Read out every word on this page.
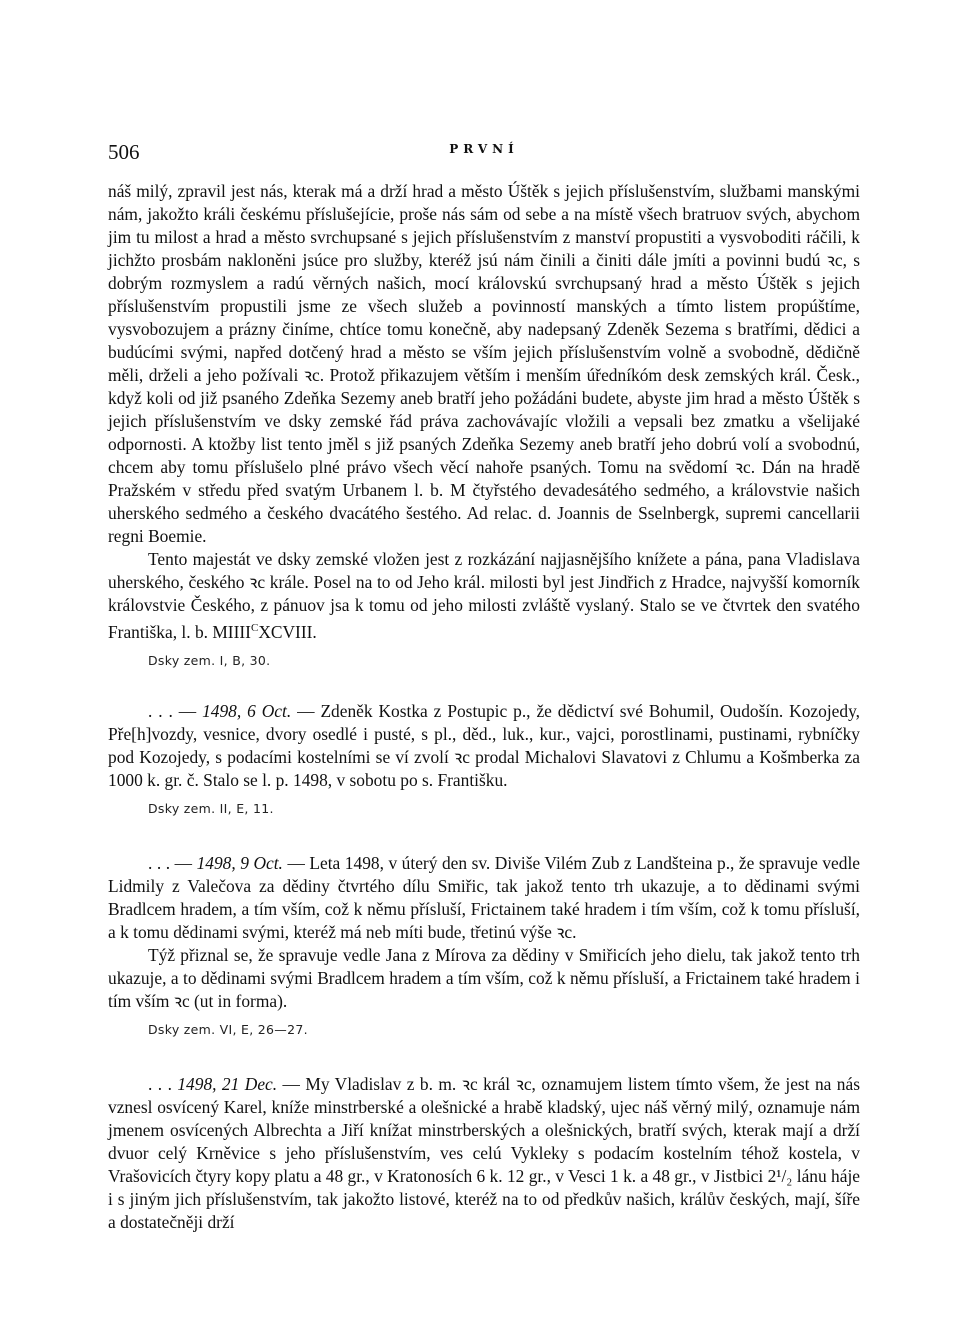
506	PRVNÍ

náš milý, zpravil jest nás, kterak má a drží hrad a město Úštěk s jejich příslušenstvím, službami manskými nám, jakožto králi českému příslušejície, proše nás sám od sebe a na místě všech bratruov svých, abychom jim tu milost a hrad a město svrchupsané s jejich příslušenstvím z manství propustiti a vysvoboditi ráčili, k jichžto prosbám nakloněni jsúce pro služby, kteréž jsú nám činili a činiti dále jmíti a povinni budú ꝛc, s dobrým rozmyslem a radú věrných našich, mocí královskú svrchupsaný hrad a město Úštěk s jejich příslušenstvím propustili jsme ze všech služeb a povinností manských a tímto listem propúštíme, vysvobozujem a prázny činíme, chtíce tomu konečně, aby nadepsaný Zdeněk Sezema s bratřími, dědici a budúcími svými, napřed dotčený hrad a město se vším jejich příslušenstvím volně a svobodně, dědičně měli, drželi a jeho požívali ꝛc. Protož přikazujem větším i menším úředníkóm desk zemských král. Česk., když koli od již psaného Zdeňka Sezemy aneb bratří jeho požádáni budete, abyste jim hrad a město Úštěk s jejich příslušenstvím ve dsky zemské řád práva zachovávajíc vložili a vepsali bez zmatku a všelijaké odpornosti. A ktožby list tento jměl s již psaných Zdeňka Sezemy aneb bratří jeho dobrú volí a svobodnú, chcem aby tomu příslušelo plné právo všech věcí nahoře psaných. Tomu na svědomí ꝛc. Dán na hradě Pražském v středu před svatým Urbanem l. b. M čtyřstého devadesátého sedmého, a královstvie našich uherského sedmého a českého dvacátého šestého. Ad relac. d. Joannis de Sselnbergk, supremi cancellarii regni Boemie.

Tento majestát ve dsky zemské vložen jest z rozkázání najjasnějšího knížete a pána, pana Vladislava uherského, českého ꝛc krále. Posel na to od Jeho král. milosti byl jest Jindřich z Hradce, najvyšší komorník královstvie Českého, z pánuov jsa k tomu od jeho milosti zvláště vyslaný. Stalo se ve čtvrtek den svatého Františka, l. b. $MIIII^CXCVIII$.

Dsky zem. I, B, 30.

. . . — 1498, 6 Oct. — Zdeněk Kostka z Postupic p., že dědictví své Bohumil, Oudošín. Kozojedy, Pře[h]vozdy, vesnice, dvory osedlé i pusté, s pl., děd., luk., kur., vajci, porostlinami, pustinami, rybníčky pod Kozojedy, s podacími kostelními se ví zvolí ꝛc prodal Michalovi Slavatovi z Chlumu a Košmberka za 1000 k. gr. č. Stalo se l. p. 1498, v sobotu po s. Františku.

Dsky zem. II, E, 11.

. . . — 1498, 9 Oct. — Leta 1498, v úterý den sv. Diviše Vilém Zub z Landšteina p., že spravuje vedle Lidmily z Valečova za dědiny čtvrtého dílu Smiřic, tak jakož tento trh ukazuje, a to dědinami svými Bradlcem hradem, a tím vším, což k němu přísluší, Frictainem také hradem i tím vším, což k tomu přísluší, a k tomu dědinami svými, kteréž má neb míti bude, třetinú výše ꝛc.

Týž přiznal se, že spravuje vedle Jana z Mírova za dědiny v Smiřicích jeho dielu, tak jakož tento trh ukazuje, a to dědinami svými Bradlcem hradem a tím vším, což k němu přísluší, a Frictainem také hradem i tím vším ꝛc (ut in forma).

Dsky zem. VI, E, 26—27.

. . . 1498, 21 Dec. — My Vladislav z b. m. ꝛc král ꝛc, oznamujem listem tímto všem, že jest na nás vznesl osvícený Karel, kníže minstrberské a olešnické a hrabě kladský, ujec náš věrný milý, oznamuje nám jmenem osvícených Albrechta a Jiří knížat minstrberských a olešnických, bratří svých, kterak mají a drží dvuor celý Krněvice s jeho příslušenstvím, ves celú Vykleky s podacím kostelním téhož kostela, v Vrašovicích čtyry kopy platu a 48 gr., v Kratonosích 6 k. 12 gr., v Vesci 1 k. a 48 gr., v Jistbici 2¹/₂ lánu háje i s jiným jich příslušenstvím, tak jakožto listové, kteréž na to od předkův našich, králův českých, mají, šíře a dostatečněji drží
